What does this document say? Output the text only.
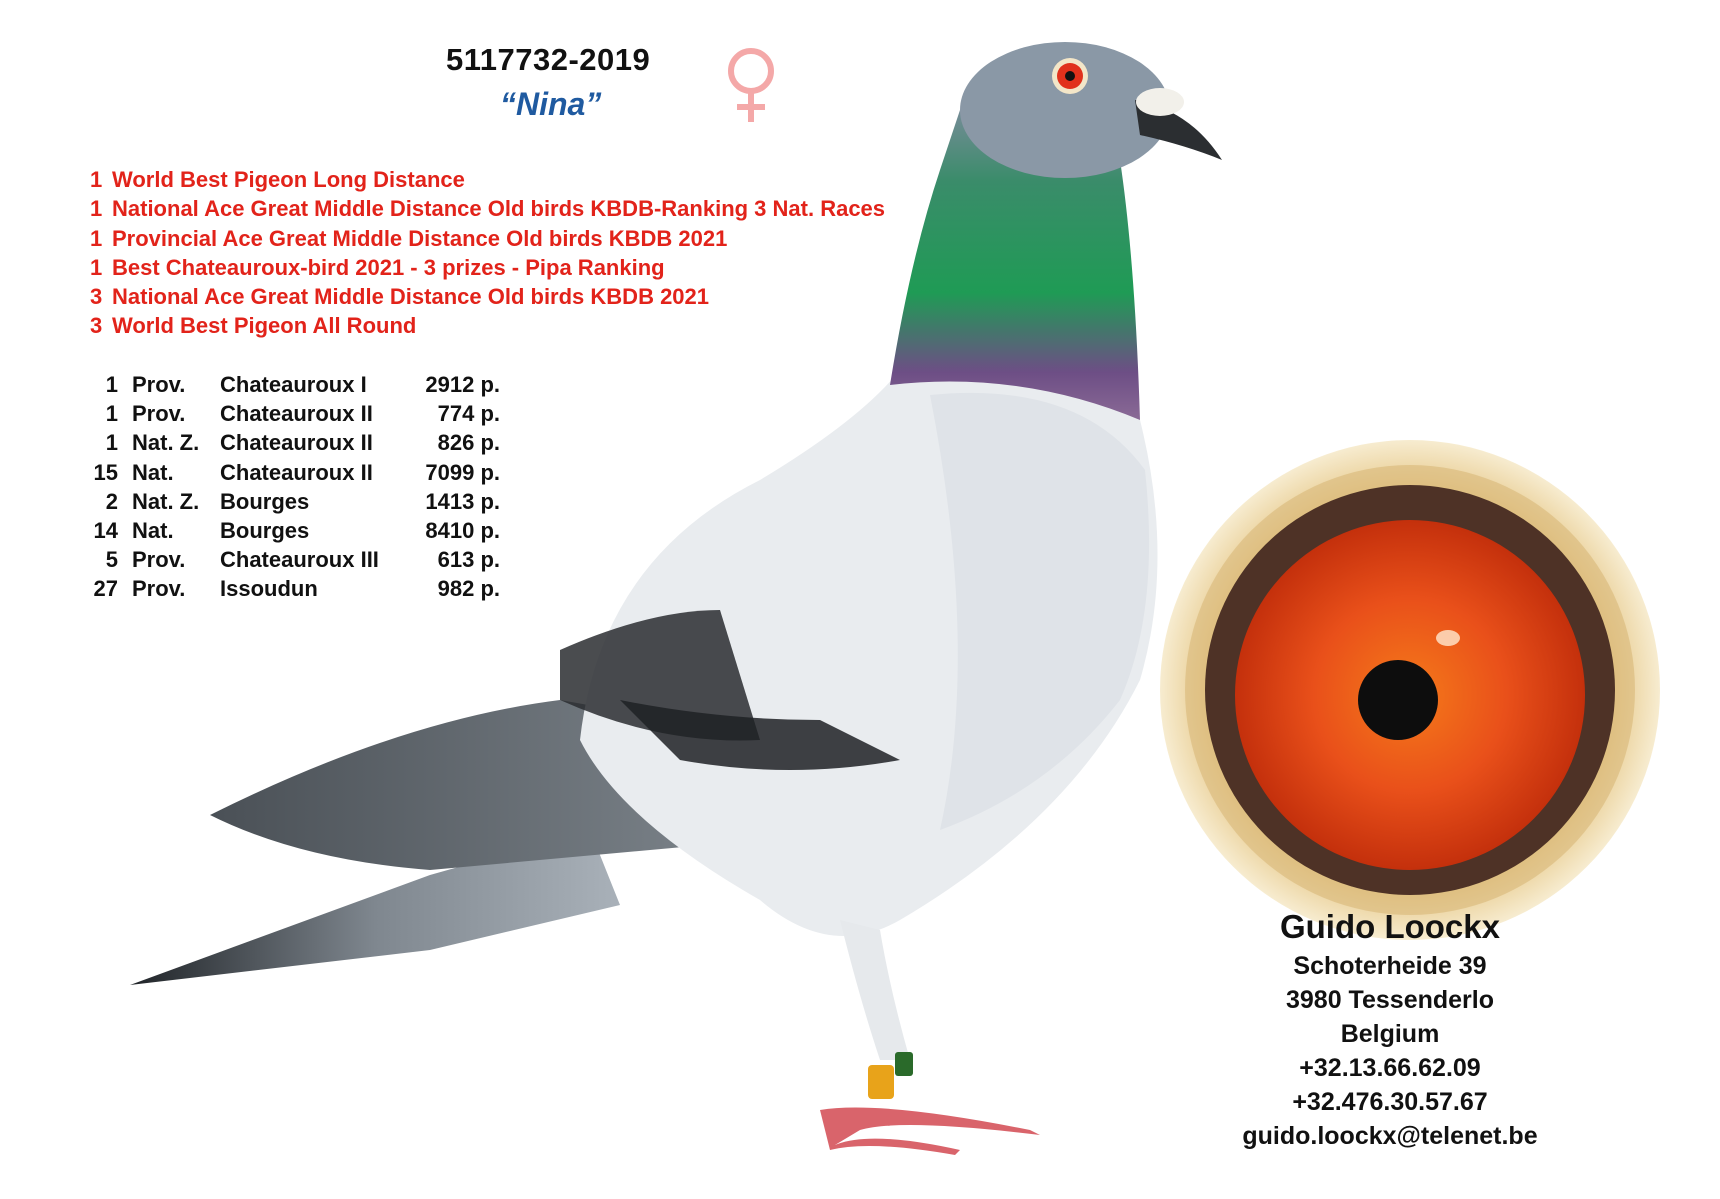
5117732-2019
“Nina”
1 World Best Pigeon Long Distance
1 National Ace Great Middle Distance Old birds KBDB-Ranking 3 Nat. Races
1 Provincial Ace Great Middle Distance Old birds KBDB 2021
1 Best Chateauroux-bird 2021 - 3 prizes - Pipa Ranking
3 National Ace Great Middle Distance Old birds KBDB 2021
3 World Best Pigeon All Round
1	Prov.	Chateauroux I	2912 p.
1	Prov.	Chateauroux II	774 p.
1	Nat. Z.	Chateauroux II	826 p.
15	Nat.	Chateauroux II	7099 p.
2	Nat. Z.	Bourges	1413 p.
14	Nat.	Bourges	8410 p.
5	Prov.	Chateauroux III	613 p.
27	Prov.	Issoudun	982 p.
Guido Loockx
Schoterheide 39
3980 Tessenderlo
Belgium
+32.13.66.62.09
+32.476.30.57.67
guido.loockx@telenet.be
